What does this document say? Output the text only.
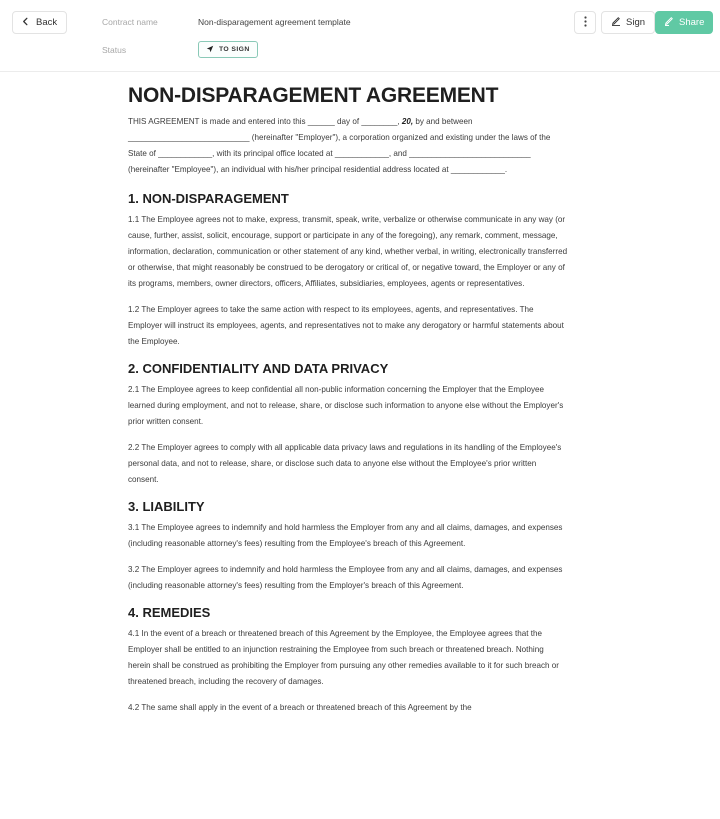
Back	Contract name	Non-disparagement agreement template
Status	TO SIGN
Sign	Share
NON-DISPARAGEMENT AGREEMENT

THIS AGREEMENT is made and entered into this ______ day of ________, 20, by and between ___________________________ (hereinafter "Employer"), a corporation organized and existing under the laws of the State of ____________, with its principal office located at ____________, and ___________________________ (hereinafter "Employee"), an individual with his/her principal residential address located at ____________.

1. NON-DISPARAGEMENT

1.1 The Employee agrees not to make, express, transmit, speak, write, verbalize or otherwise communicate in any way (or cause, further, assist, solicit, encourage, support or participate in any of the foregoing), any remark, comment, message, information, declaration, communication or other statement of any kind, whether verbal, in writing, electronically transferred or otherwise, that might reasonably be construed to be derogatory or critical of, or negative toward, the Employer or any of its programs, members, owner directors, officers, Affiliates, subsidiaries, employees, agents or representatives.

1.2 The Employer agrees to take the same action with respect to its employees, agents, and representatives. The Employer will instruct its employees, agents, and representatives not to make any derogatory or harmful statements about the Employee.

2. CONFIDENTIALITY AND DATA PRIVACY

2.1 The Employee agrees to keep confidential all non-public information concerning the Employer that the Employee learned during employment, and not to release, share, or disclose such information to anyone else without the Employer's prior written consent.

2.2 The Employer agrees to comply with all applicable data privacy laws and regulations in its handling of the Employee's personal data, and not to release, share, or disclose such data to anyone else without the Employee's prior written consent.

3. LIABILITY

3.1 The Employee agrees to indemnify and hold harmless the Employer from any and all claims, damages, and expenses (including reasonable attorney's fees) resulting from the Employee's breach of this Agreement.

3.2 The Employer agrees to indemnify and hold harmless the Employee from any and all claims, damages, and expenses (including reasonable attorney's fees) resulting from the Employer's breach of this Agreement.

4. REMEDIES

4.1 In the event of a breach or threatened breach of this Agreement by the Employee, the Employee agrees that the Employer shall be entitled to an injunction restraining the Employee from such breach or threatened breach. Nothing herein shall be construed as prohibiting the Employer from pursuing any other remedies available to it for such breach or threatened breach, including the recovery of damages.

4.2 The same shall apply in the event of a breach or threatened breach of this Agreement by the
